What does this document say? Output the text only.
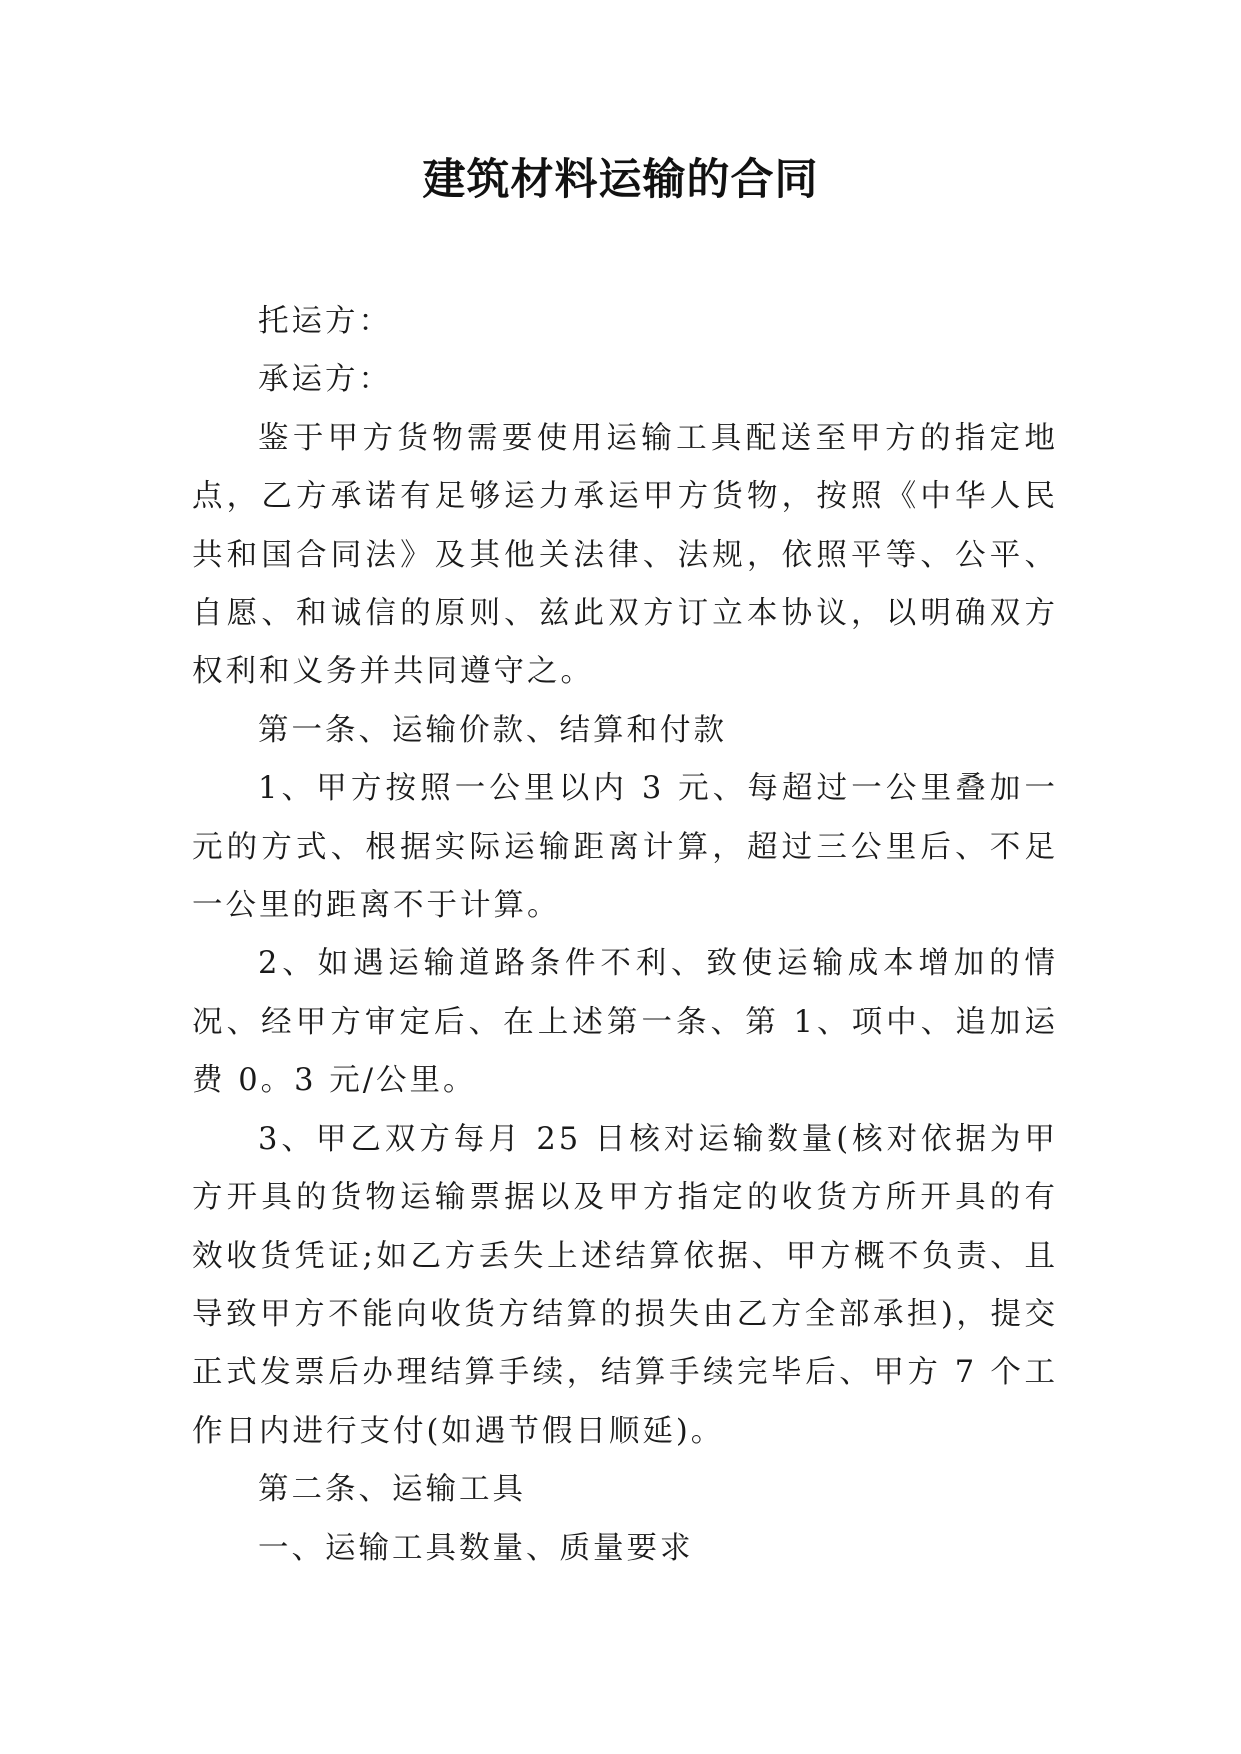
建筑材料运输的合同

托运方：

承运方：

鉴于甲方货物需要使用运输工具配送至甲方的指定地点，乙方承诺有足够运力承运甲方货物，按照《中华人民共和国合同法》及其他关法律、法规，依照平等、公平、自愿、和诚信的原则、兹此双方订立本协议，以明确双方权利和义务并共同遵守之。

第一条、运输价款、结算和付款

1、甲方按照一公里以内 3 元、每超过一公里叠加一元的方式、根据实际运输距离计算，超过三公里后、不足一公里的距离不于计算。

2、如遇运输道路条件不利、致使运输成本增加的情况、经甲方审定后、在上述第一条、第 1、项中、追加运费 0。3 元/公里。

3、甲乙双方每月 25 日核对运输数量(核对依据为甲方开具的货物运输票据以及甲方指定的收货方所开具的有效收货凭证;如乙方丢失上述结算依据、甲方概不负责、且导致甲方不能向收货方结算的损失由乙方全部承担)，提交正式发票后办理结算手续，结算手续完毕后、甲方 7 个工作日内进行支付(如遇节假日顺延)。

第二条、运输工具

一、运输工具数量、质量要求
